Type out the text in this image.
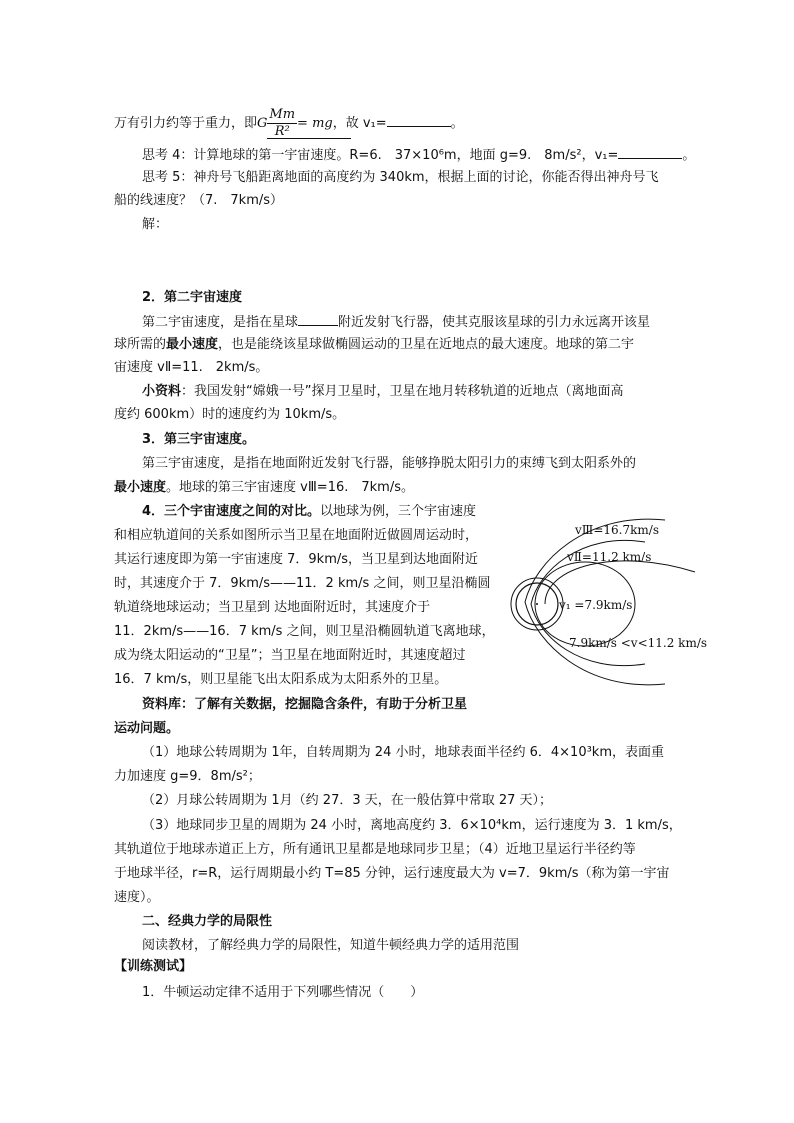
万有引力约等于重力，即G $\frac{Mm}{\text{R²}}$ = mg，故 v₁=	。
思考 4：计算地球的第一宇宙速度。R=6.　37×10⁶m，地面 g=9.　8m/s²，v₁=	。
思考 5：神舟号飞船距离地面的高度约为 340km，根据上面的讨论，你能否得出神舟号飞
船的线速度？（7.　7km/s）
解：
2．第二宇宙速度
第二宇宙速度，是指在星球	附近发射飞行器，使其克服该星球的引力永远离开该星
球所需的最小速度，也是能绕该星球做椭圆运动的卫星在近地点的最大速度。地球的第二宇
宙速度 vⅡ=11.　2km/s。
小资料：我国发射“嫦娥一号”探月卫星时，卫星在地月转移轨道的近地点（离地面高
度约 600km）时的速度约为 10km/s。
3．第三宇宙速度。
第三宇宙速度，是指在地面附近发射飞行器，能够挣脱太阳引力的束缚飞到太阳系外的
最小速度。地球的第三宇宙速度 vⅢ=16.　7km/s。
4．三个宇宙速度之间的对比。以地球为例，三个宇宙速度
和相应轨道间的关系如图所示当卫星在地面附近做圆周运动时，
其运行速度即为第一宇宙速度 7．9km/s，当卫星到达地面附近
时，其速度介于 7．9km/s——11．2 km/s 之间，则卫星沿椭圆
轨道绕地球运动；当卫星到 达地面附近时，其速度介于
11．2km/s——16．7 km/s 之间，则卫星沿椭圆轨道飞离地球，
成为绕太阳运动的“卫星”；当卫星在地面附近时，其速度超过
16．7 km/s，则卫星能飞出太阳系成为太阳系外的卫星。
vⅢ=16.7km/s
vⅡ=11.2 km/s
v₁ =7.9km/s
7.9km/s <v<11.2 km/s
资料库：了解有关数据，挖掘隐含条件，有助于分析卫星
运动问题。
（1）地球公转周期为 1年，自转周期为 24 小时，地球表面半径约 6．4×10³km，表面重
力加速度 g=9．8m/s²；
（2）月球公转周期为 1月（约 27．3 天，在一般估算中常取 27 天）；
（3）地球同步卫星的周期为 24 小时，离地高度约 3．6×10⁴km，运行速度为 3．1 km/s，
其轨道位于地球赤道正上方，所有通讯卫星都是地球同步卫星；（4）近地卫星运行半径约等
于地球半径，r=R，运行周期最小约 T=85 分钟，运行速度最大为 v=7．9km/s（称为第一宇宙
速度）。
二、经典力学的局限性
阅读教材，了解经典力学的局限性，知道牛顿经典力学的适用范围
【训练测试】
1．牛顿运动定律不适用于下列哪些情况（　　）
